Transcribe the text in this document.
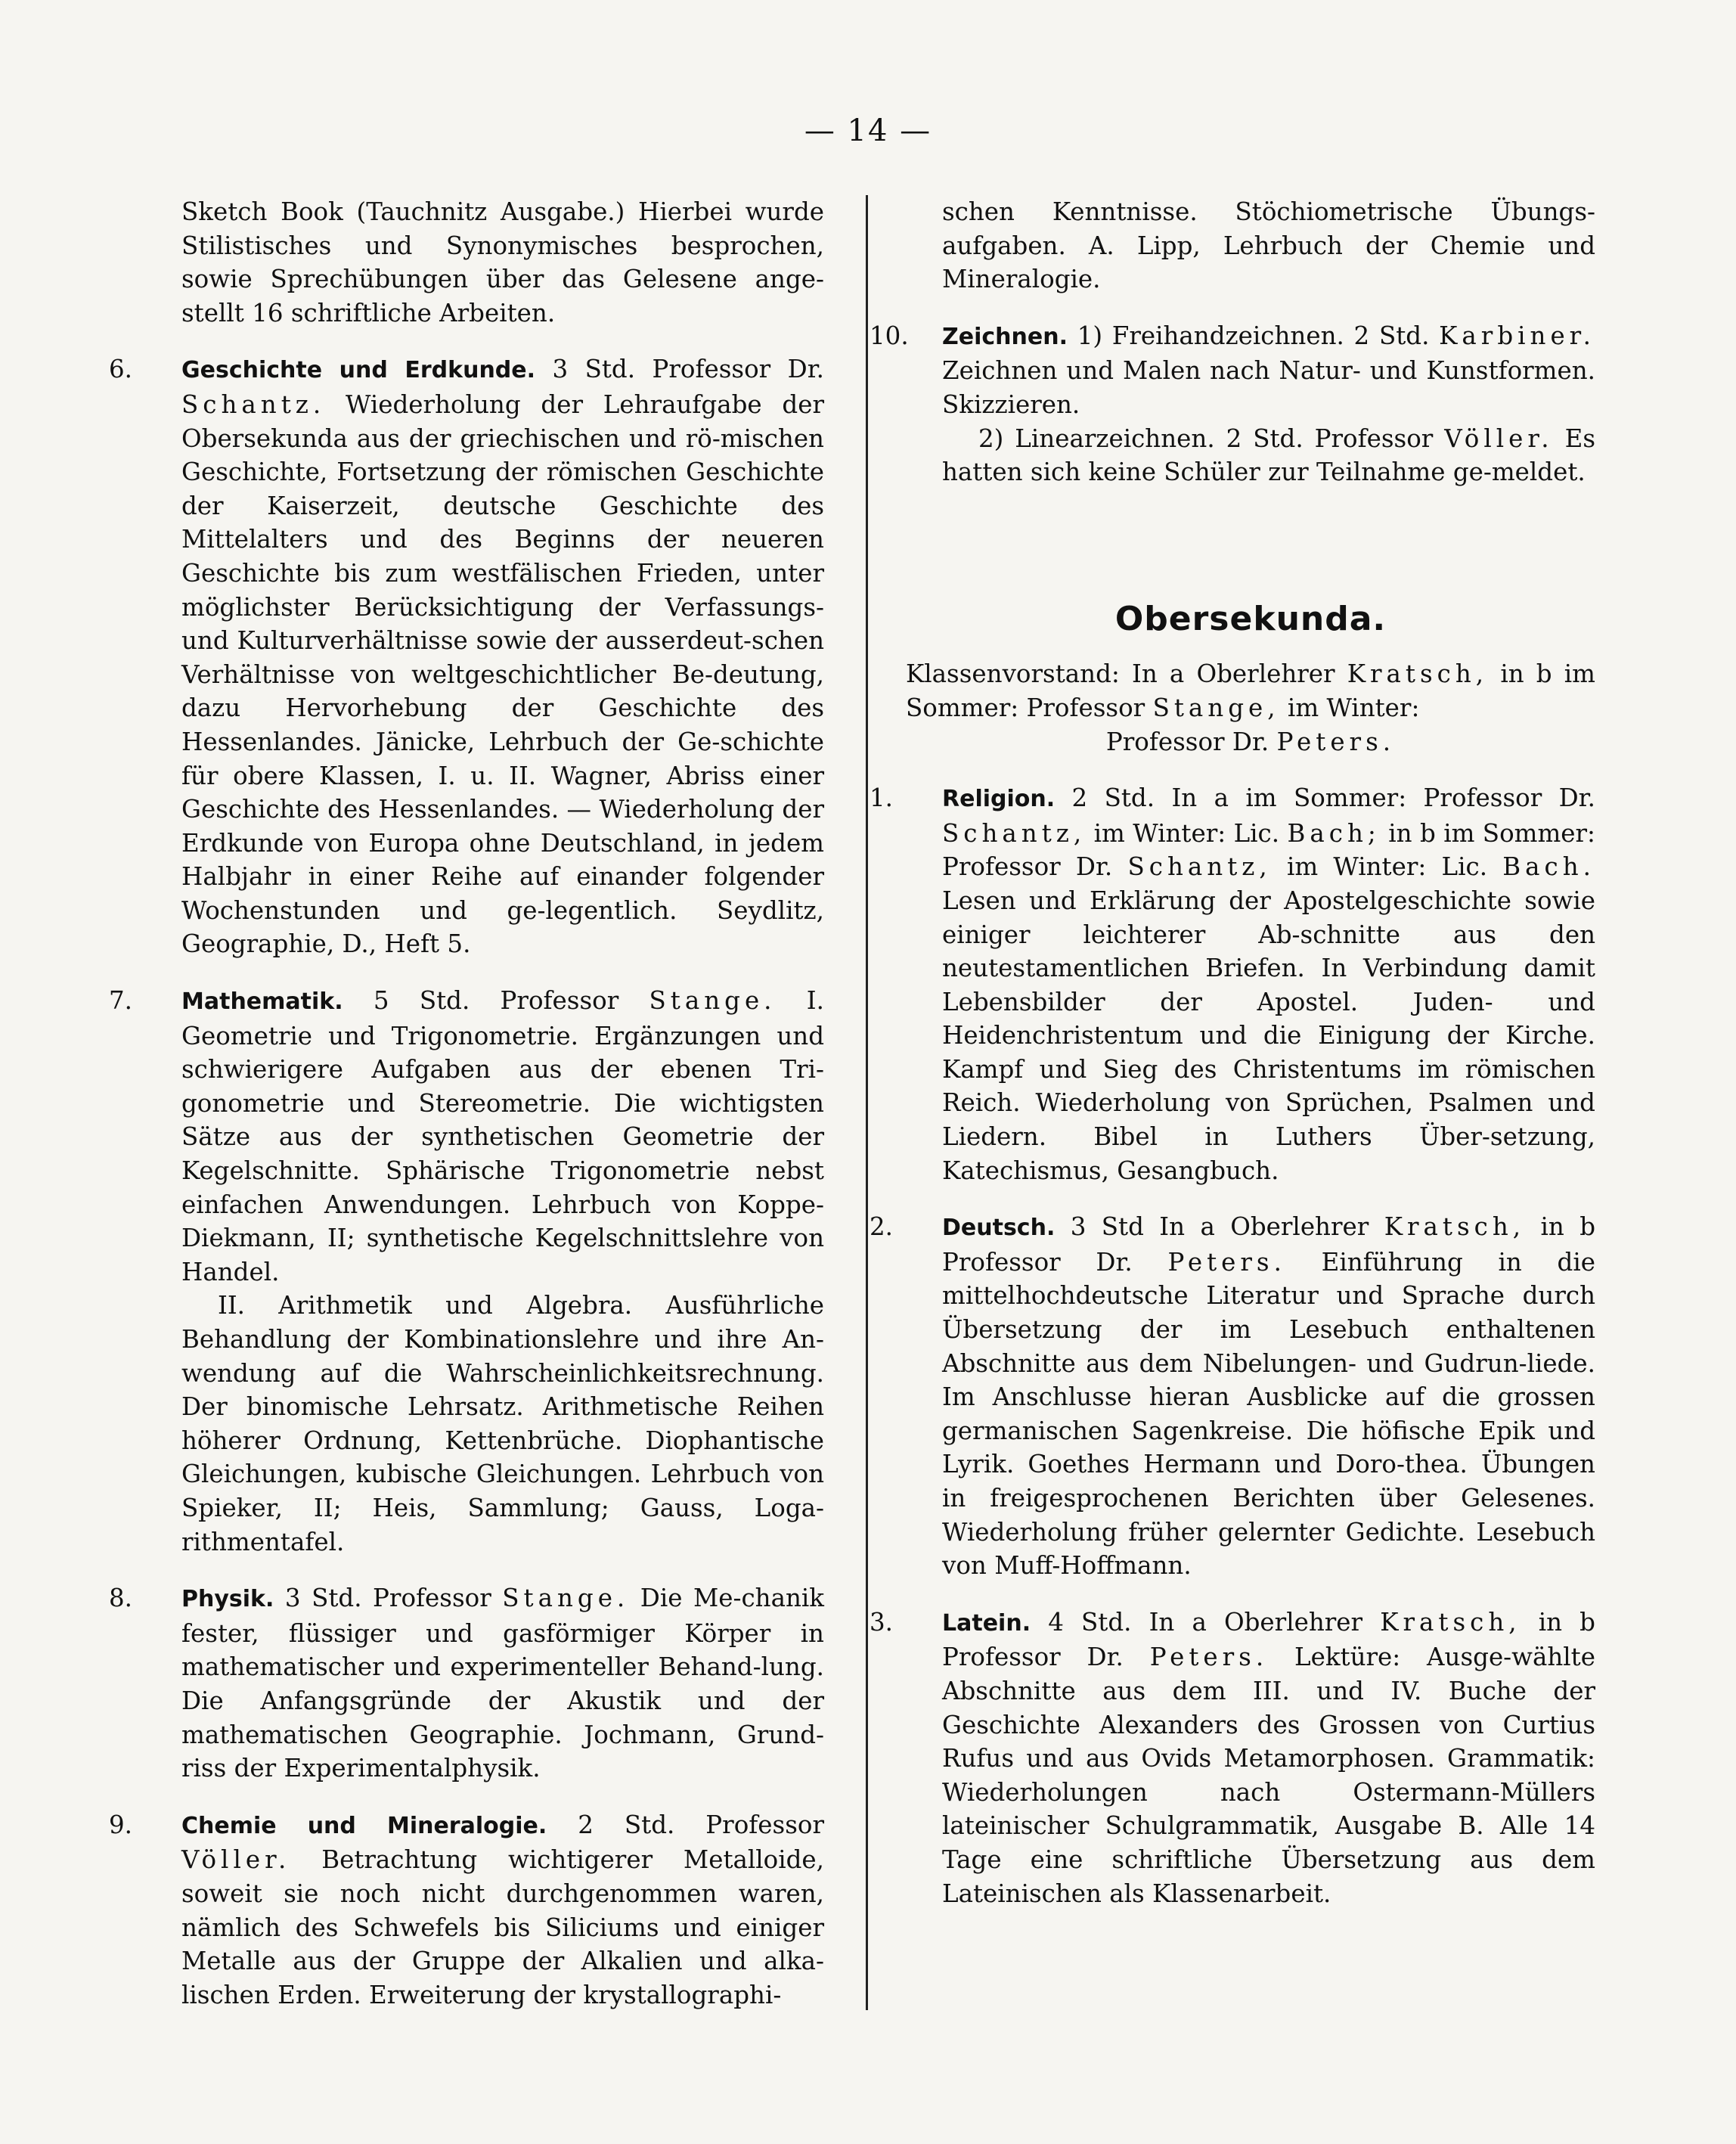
— 14 —

Sketch Book (Tauchnitz Ausgabe.) Hierbei wurde Stilistisches und Synonymisches besprochen, sowie Sprechübungen über das Gelesene ange-stellt 16 schriftliche Arbeiten.

6. Geschichte und Erdkunde. 3 Std. Professor Dr. Schantz. Wiederholung der Lehraufgabe der Obersekunda aus der griechischen und rö-mischen Geschichte, Fortsetzung der römischen Geschichte der Kaiserzeit, deutsche Geschichte des Mittelalters und des Beginns der neueren Geschichte bis zum westfälischen Frieden, unter möglichster Berücksichtigung der Verfassungs- und Kulturverhältnisse sowie der ausserdeut-schen Verhältnisse von weltgeschichtlicher Be-deutung, dazu Hervorhebung der Geschichte des Hessenlandes. Jänicke, Lehrbuch der Ge-schichte für obere Klassen, I. u. II. Wagner, Abriss einer Geschichte des Hessenlandes. — Wiederholung der Erdkunde von Europa ohne Deutschland, in jedem Halbjahr in einer Reihe auf einander folgender Wochenstunden und ge-legentlich. Seydlitz, Geographie, D., Heft 5.

7. Mathematik. 5 Std. Professor Stange. I. Geometrie und Trigonometrie. Ergänzungen und schwierigere Aufgaben aus der ebenen Tri-gonometrie und Stereometrie. Die wichtigsten Sätze aus der synthetischen Geometrie der Kegelschnitte. Sphärische Trigonometrie nebst einfachen Anwendungen. Lehrbuch von Koppe-Diekmann, II; synthetische Kegelschnittslehre von Handel.

II. Arithmetik und Algebra. Ausführliche Behandlung der Kombinationslehre und ihre An-wendung auf die Wahrscheinlichkeitsrechnung. Der binomische Lehrsatz. Arithmetische Reihen höherer Ordnung, Kettenbrüche. Diophantische Gleichungen, kubische Gleichungen. Lehrbuch von Spieker, II; Heis, Sammlung; Gauss, Loga-rithmentafel.

8. Physik. 3 Std. Professor Stange. Die Me-chanik fester, flüssiger und gasförmiger Körper in mathematischer und experimenteller Behand-lung. Die Anfangsgründe der Akustik und der mathematischen Geographie. Jochmann, Grund-riss der Experimentalphysik.

9. Chemie und Mineralogie. 2 Std. Professor Völler. Betrachtung wichtigerer Metalloide, soweit sie noch nicht durchgenommen waren, nämlich des Schwefels bis Siliciums und einiger Metalle aus der Gruppe der Alkalien und alka-lischen Erden. Erweiterung der krystallographi-

schen Kenntnisse. Stöchiometrische Übungs-aufgaben. A. Lipp, Lehrbuch der Chemie und Mineralogie.

10. Zeichnen. 1) Freihandzeichnen. 2 Std. Karbiner. Zeichnen und Malen nach Natur- und Kunstformen. Skizzieren.

2) Linearzeichnen. 2 Std. Professor Völler. Es hatten sich keine Schüler zur Teilnahme ge-meldet.

Obersekunda.

Klassenvorstand: In a Oberlehrer Kratsch, in b im Sommer: Professor Stange, im Winter:

Professor Dr. Peters.

1. Religion. 2 Std. In a im Sommer: Professor Dr. Schantz, im Winter: Lic. Bach; in b im Sommer: Professor Dr. Schantz, im Winter: Lic. Bach. Lesen und Erklärung der Apostelgeschichte sowie einiger leichterer Ab-schnitte aus den neutestamentlichen Briefen. In Verbindung damit Lebensbilder der Apostel. Juden- und Heidenchristentum und die Einigung der Kirche. Kampf und Sieg des Christentums im römischen Reich. Wiederholung von Sprüchen, Psalmen und Liedern. Bibel in Luthers Über-setzung, Katechismus, Gesangbuch.

2. Deutsch. 3 Std In a Oberlehrer Kratsch, in b Professor Dr. Peters. Einführung in die mittelhochdeutsche Literatur und Sprache durch Übersetzung der im Lesebuch enthaltenen Abschnitte aus dem Nibelungen- und Gudrun-liede. Im Anschlusse hieran Ausblicke auf die grossen germanischen Sagenkreise. Die höfische Epik und Lyrik. Goethes Hermann und Doro-thea. Übungen in freigesprochenen Berichten über Gelesenes. Wiederholung früher gelernter Gedichte. Lesebuch von Muff-Hoffmann.

3. Latein. 4 Std. In a Oberlehrer Kratsch, in b Professor Dr. Peters. Lektüre: Ausge-wählte Abschnitte aus dem III. und IV. Buche der Geschichte Alexanders des Grossen von Curtius Rufus und aus Ovids Metamorphosen. Grammatik: Wiederholungen nach Ostermann-Müllers lateinischer Schulgrammatik, Ausgabe B. Alle 14 Tage eine schriftliche Übersetzung aus dem Lateinischen als Klassenarbeit.
